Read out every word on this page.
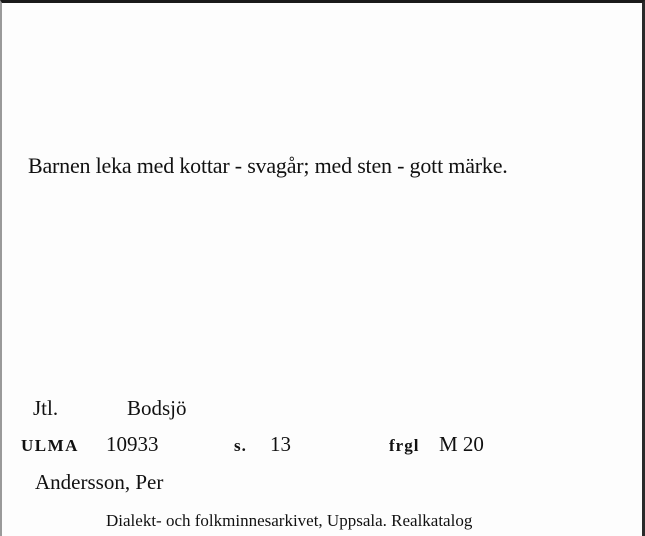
Barnen leka med kottar - svagår; med sten - gott märke.
Jtl.	Bodsjö
ULMA 10933	s. 13	frgl M 20
Andersson, Per
Dialekt- och folkminnesarkivet, Uppsala. Realkatalog
